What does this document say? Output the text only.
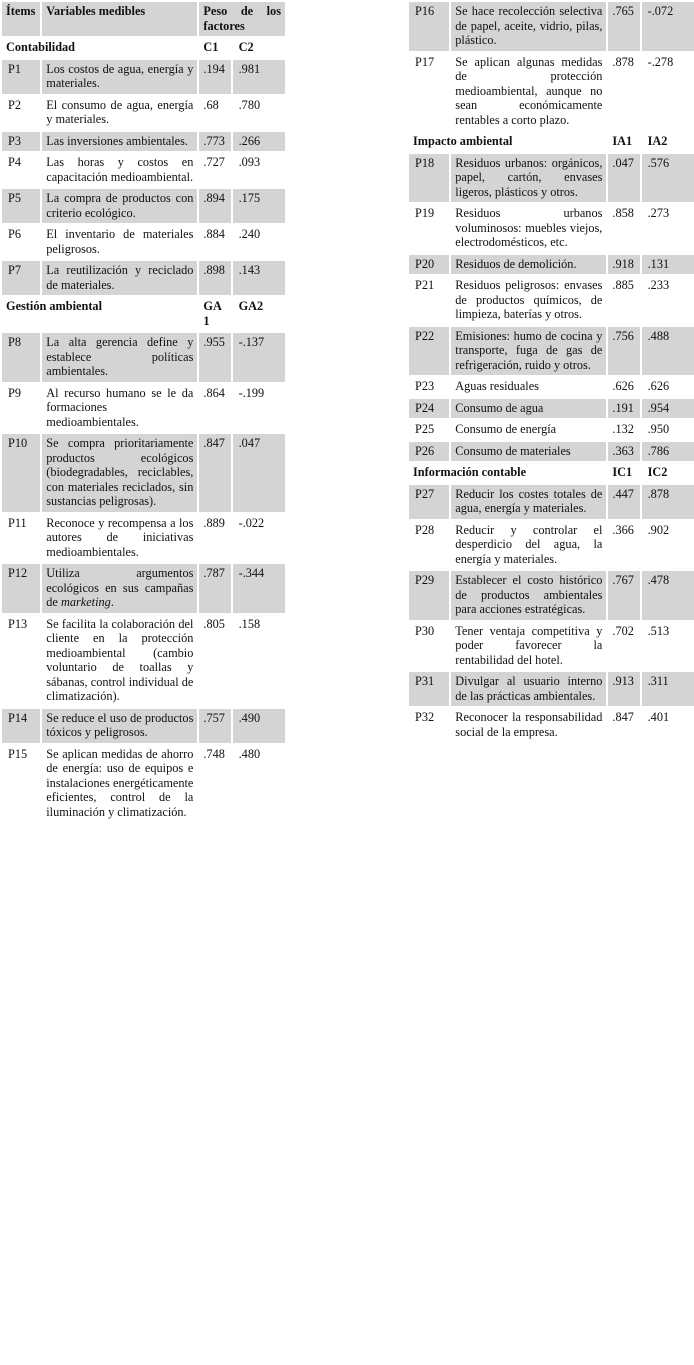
Ítems	Variables medibles	Peso de los factores	
Contabilidad		C1	C2
P1	Los costos de agua, energía y materiales.	.194	.981
P2	El consumo de agua, energía y materiales.	.68	.780
P3	Las inversiones ambientales.	.773	.266
P4	Las horas y costos en capacitación medioambiental.	.727	.093
P5	La compra de productos con criterio ecológico.	.894	.175
P6	El inventario de materiales peligrosos.	.884	.240
P7	La reutilización y reciclado de materiales.	.898	.143
Gestión ambiental		GA1	GA2
P8	La alta gerencia define y establece políticas ambientales.	.955	-.137
P9	Al recurso humano se le da formaciones medioambientales.	.864	-.199
P10	Se compra prioritariamente productos ecológicos (biodegradables, reciclables, con materiales reciclados, sin sustancias peligrosas).	.847	.047
P11	Reconoce y recompensa a los autores de iniciativas medioambientales.	.889	-.022
P12	Utiliza argumentos ecológicos en sus campañas de marketing.	.787	-.344
P13	Se facilita la colaboración del cliente en la protección medioambiental (cambio voluntario de toallas y sábanas, control individual de climatización).	.805	.158
P14	Se reduce el uso de productos tóxicos y peligrosos.	.757	.490
P15	Se aplican medidas de ahorro de energía: uso de equipos e instalaciones energéticamente eficientes, control de la iluminación y climatización.	.748	.480
P16	Se hace recolección selectiva de papel, aceite, vidrio, pilas, plástico.	.765	-.072
P17	Se aplican algunas medidas de protección medioambiental, aunque no sean económicamente rentables a corto plazo.	.878	-.278
Impacto ambiental		IA1	IA2
P18	Residuos urbanos: orgánicos, papel, cartón, envases ligeros, plásticos y otros.	.047	.576
P19	Residuos urbanos voluminosos: muebles viejos, electrodomésticos, etc.	.858	.273
P20	Residuos de demolición.	.918	.131
P21	Residuos peligrosos: envases de productos químicos, de limpieza, baterías y otros.	.885	.233
P22	Emisiones: humo de cocina y transporte, fuga de gas de refrigeración, ruido y otros.	.756	.488
P23	Aguas residuales	.626	.626
P24	Consumo de agua	.191	.954
P25	Consumo de energía	.132	.950
P26	Consumo de materiales	.363	.786
Información contable		IC1	IC2
P27	Reducir los costes totales de agua, energía y materiales.	.447	.878
P28	Reducir y controlar el desperdicio del agua, la energía y materiales.	.366	.902
P29	Establecer el costo histórico de productos ambientales para acciones estratégicas.	.767	.478
P30	Tener ventaja competitiva y poder favorecer la rentabilidad del hotel.	.702	.513
P31	Divulgar al usuario interno de las prácticas ambientales.	.913	.311
P32	Reconocer la responsabilidad social de la empresa.	.847	.401
